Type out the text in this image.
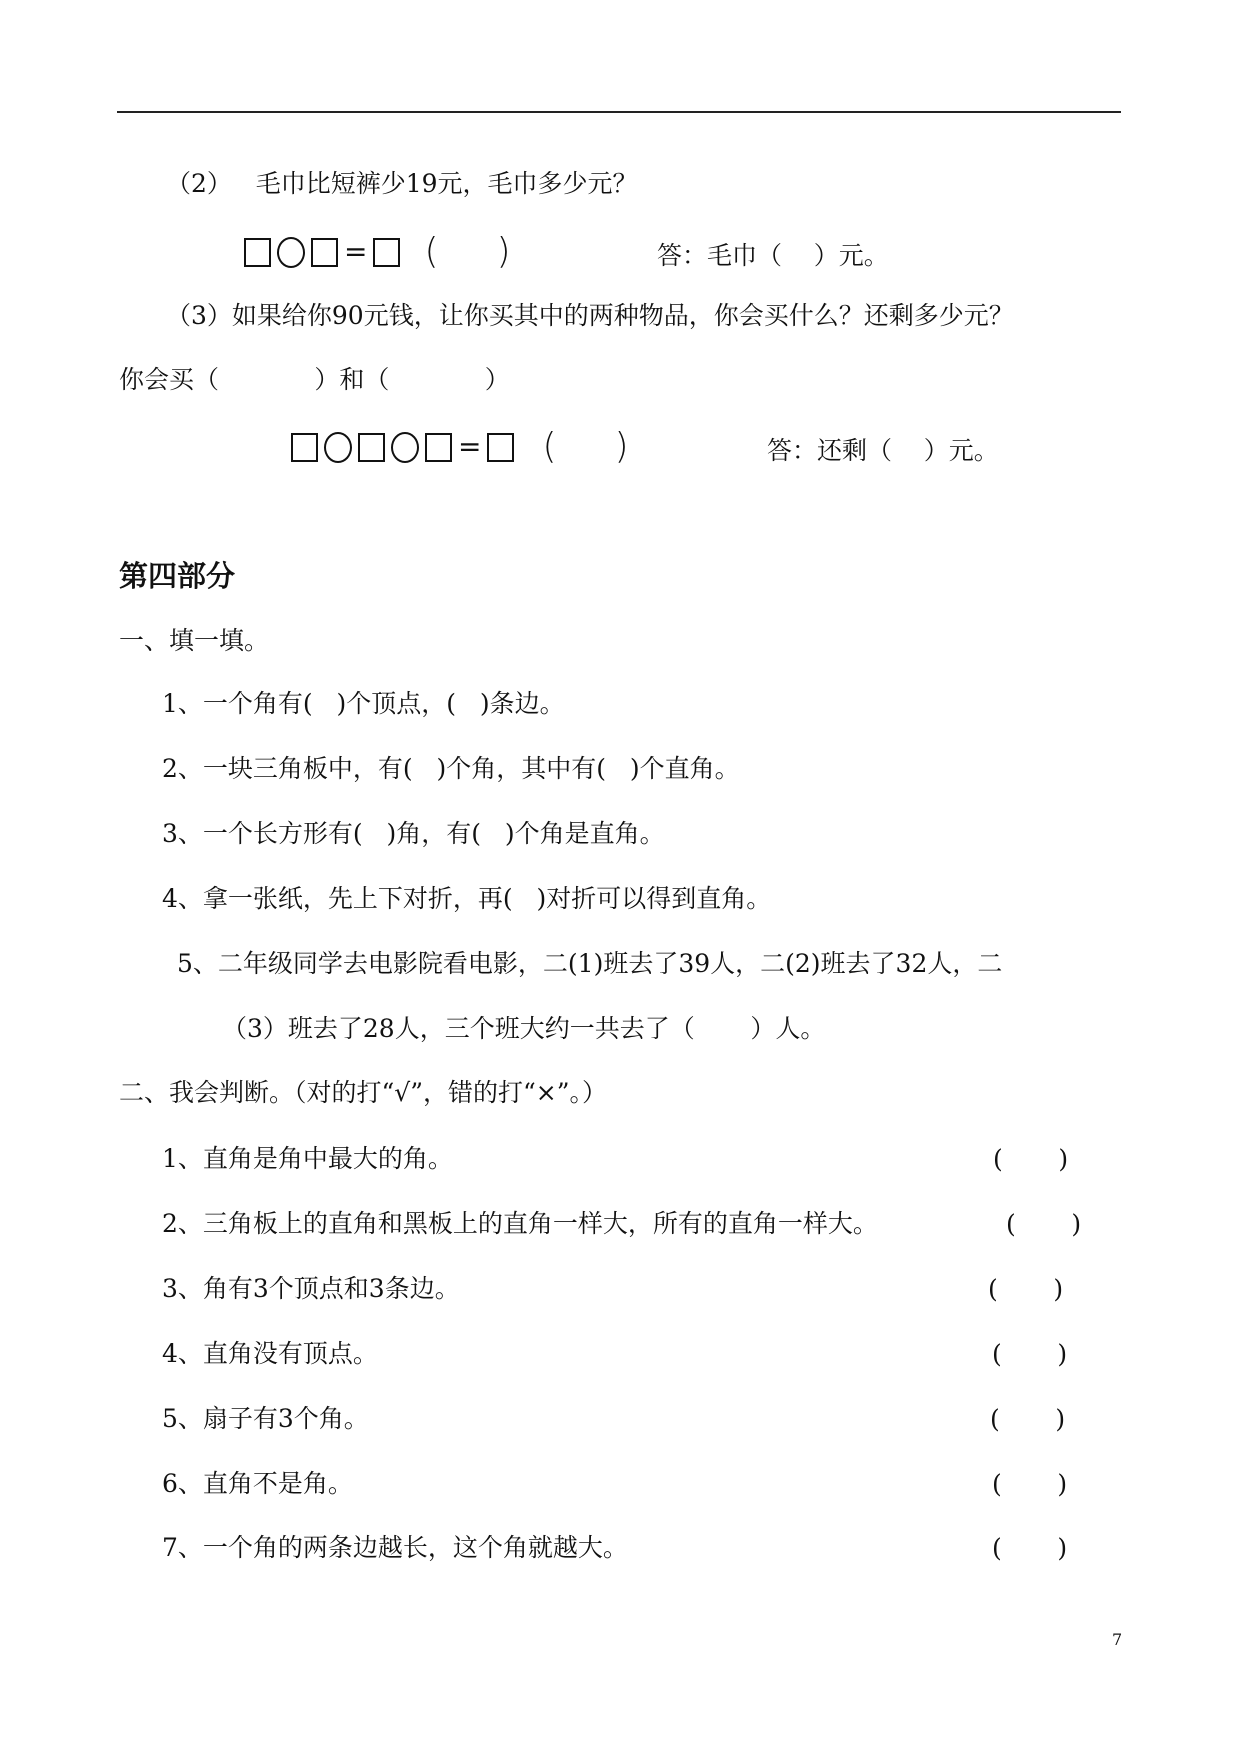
（2）   毛巾比短裤少19元，毛巾多少元？
= ( )	答：毛巾（    ）元。
（3）如果给你90元钱，让你买其中的两种物品，你会买什么？还剩多少元？
你会买（            ）和（            ）
= ( )	答：还剩（    ）元。
第四部分
一、填一填。
1、一个角有(   )个顶点，(   )条边。
2、一块三角板中，有(   )个角，其中有(   )个直角。
3、一个长方形有(   )角，有(   )个角是直角。
4、拿一张纸，先上下对折，再(   )对折可以得到直角。
5、二年级同学去电影院看电影，二(1)班去了39人，二(2)班去了32人，二
（3）班去了28人，三个班大约一共去了（       ）人。
二、我会判断。（对的打“√”，错的打“×”。）
1、直角是角中最大的角。	(       )
2、三角板上的直角和黑板上的直角一样大，所有的直角一样大。	(       )
3、角有3个顶点和3条边。	(       )
4、直角没有顶点。	(       )
5、扇子有3个角。	(       )
6、直角不是角。	(       )
7、一个角的两条边越长，这个角就越大。	(       )
7
